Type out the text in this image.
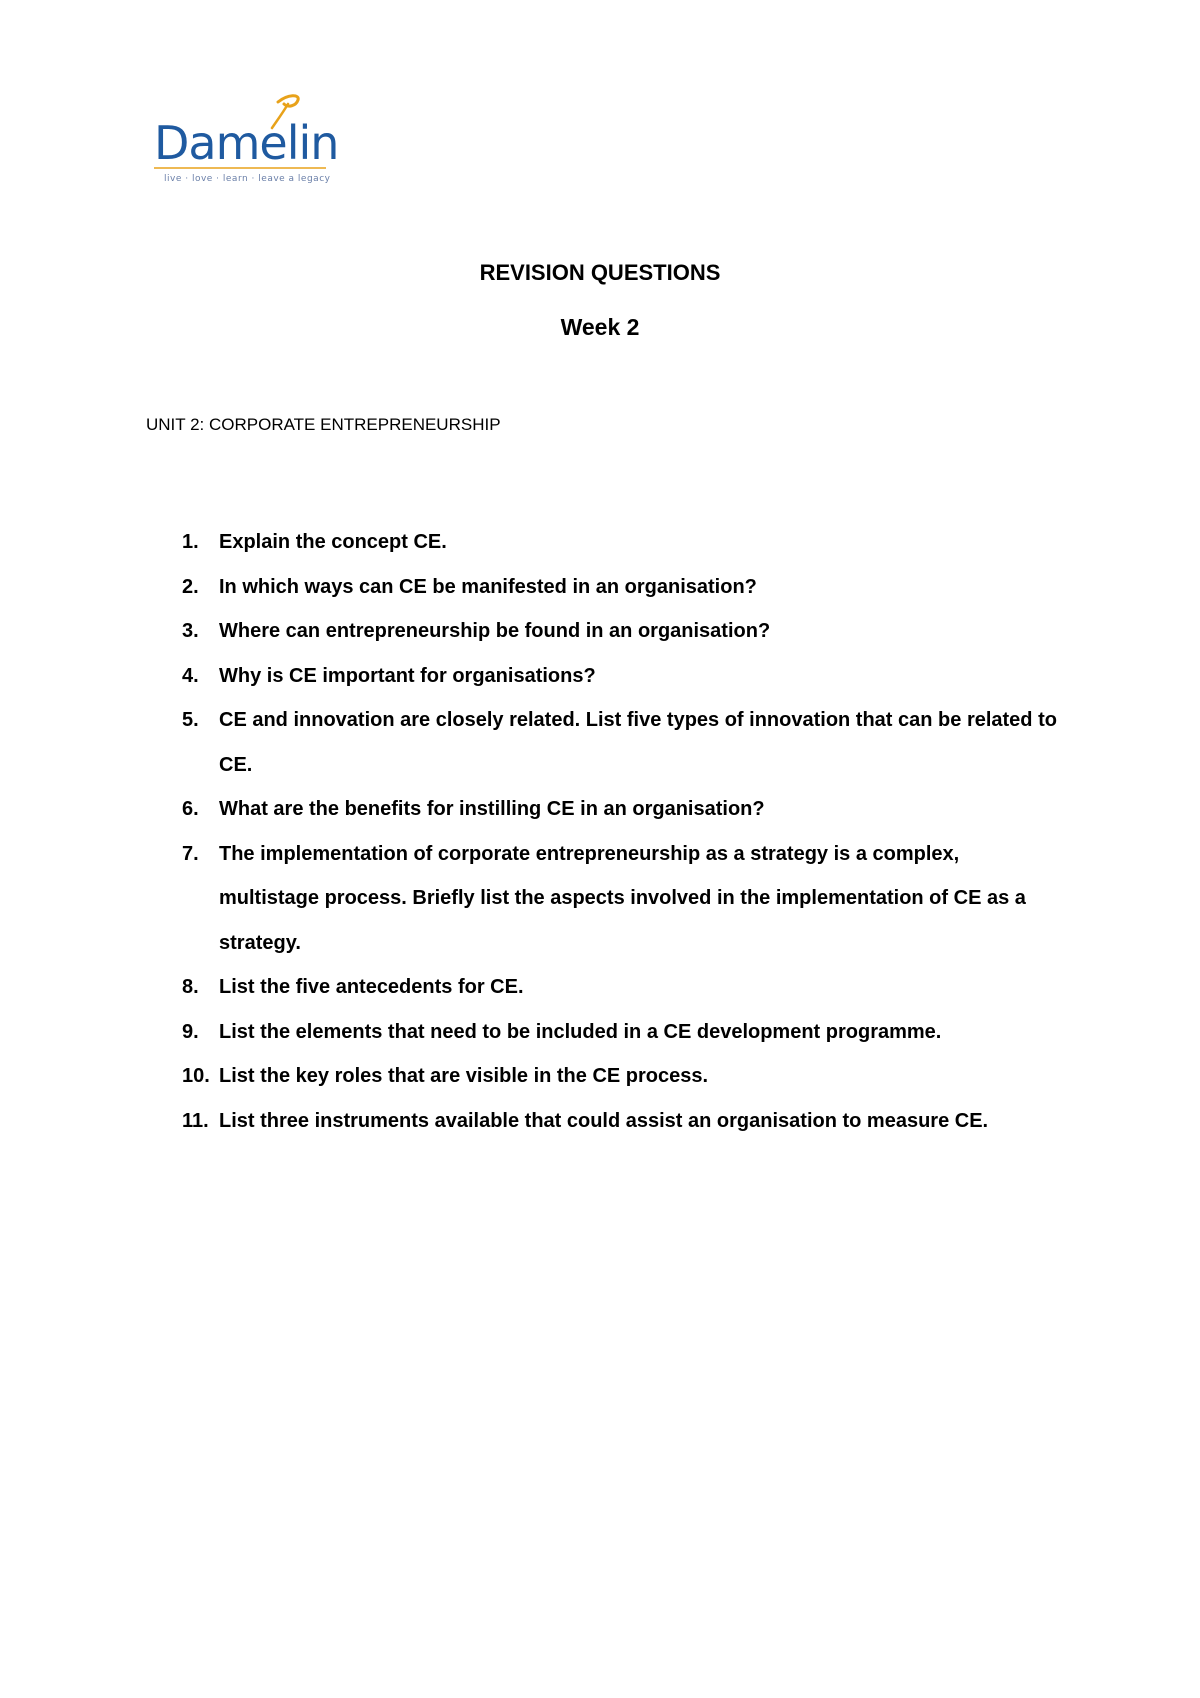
Damelin
live · love · learn · leave a legacy
REVISION QUESTIONS
Week 2
UNIT 2: CORPORATE ENTREPRENEURSHIP
1. Explain the concept CE.
2. In which ways can CE be manifested in an organisation?
3. Where can entrepreneurship be found in an organisation?
4. Why is CE important for organisations?
5. CE and innovation are closely related. List five types of innovation that can be related to CE.
6. What are the benefits for instilling CE in an organisation?
7. The implementation of corporate entrepreneurship as a strategy is a complex, multistage process. Briefly list the aspects involved in the implementation of CE as a strategy.
8. List the five antecedents for CE.
9. List the elements that need to be included in a CE development programme.
10. List the key roles that are visible in the CE process.
11. List three instruments available that could assist an organisation to measure CE.
